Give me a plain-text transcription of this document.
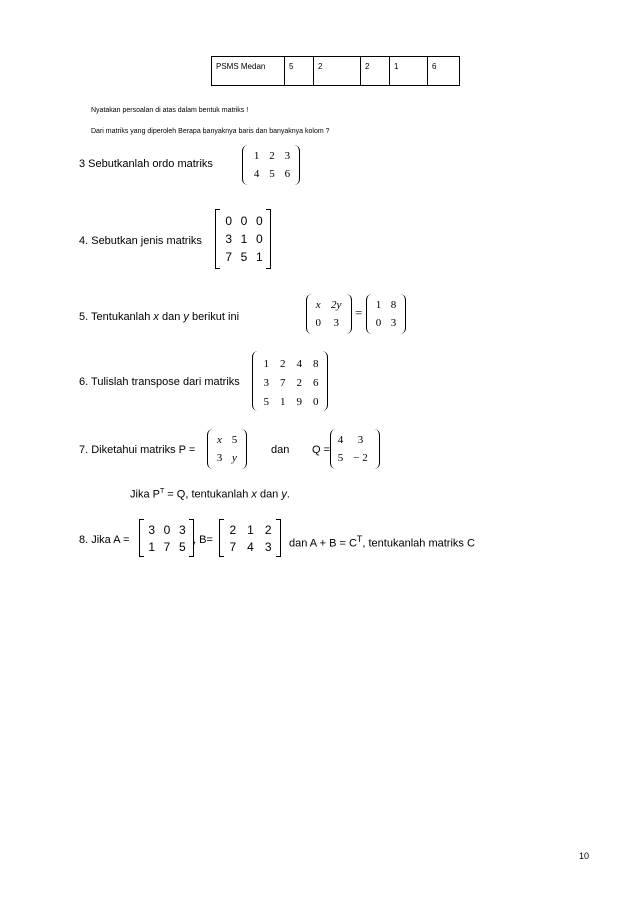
PSMS Medan	5	2	2	1	6
Nyatakan persoalan di atas dalam bentuk matriks !
Dari matriks yang diperoleh Berapa banyaknya baris dan banyaknya kolom ?
3 Sebutkanlah ordo matriks
1	2	3
4	5	6
4. Sebutkan jenis matriks
0	0	0
3	1	0
7	5	1
5. Tentukanlah x dan y berikut ini
x	2y
0	3
= 1	8
0	3
6. Tulislah transpose dari matriks
1	2	4	8
3	7	2	6
5	1	9	0
7. Diketahui matriks P =
x	5
3	y
dan Q =
4	3
5	− 2
Jika $P^T = Q$, tentukanlah x dan y.
8. Jika A =
3	0	3
1	7	5 , B=
2	1	2
7	4	3 dan $A + B = C^T$, tentukanlah matriks C
10
